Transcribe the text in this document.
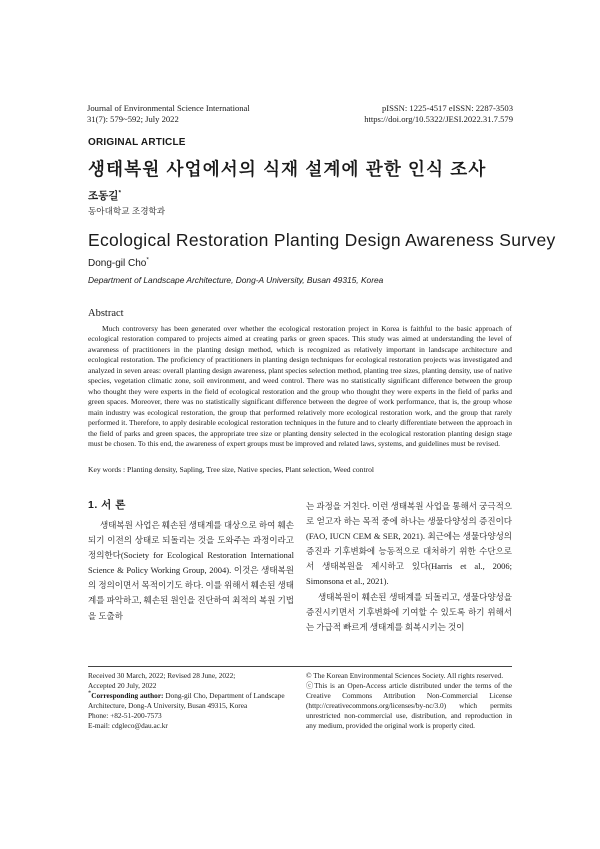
Journal of Environmental Science International
31(7): 579~592; July 2022
pISSN: 1225-4517 eISSN: 2287-3503
https://doi.org/10.5322/JESI.2022.31.7.579
ORIGINAL ARTICLE
생태복원 사업에서의 식재 설계에 관한 인식 조사
조동길*
동아대학교 조경학과
Ecological Restoration Planting Design Awareness Survey
Dong-gil Cho*
Department of Landscape Architecture, Dong-A University, Busan 49315, Korea
Abstract
Much controversy has been generated over whether the ecological restoration project in Korea is faithful to the basic approach of ecological restoration compared to projects aimed at creating parks or green spaces. This study was aimed at understanding the level of awareness of practitioners in the planting design method, which is recognized as relatively important in landscape architecture and ecological restoration. The proficiency of practitioners in planting design techniques for ecological restoration projects was investigated and analyzed in seven areas: overall planting design awareness, plant species selection method, planting tree sizes, planting density, use of native species, vegetation climatic zone, soil environment, and weed control. There was no statistically significant difference between the group who thought they were experts in the field of ecological restoration and the group who thought they were experts in the field of parks and green spaces. Moreover, there was no statistically significant difference between the degree of work performance, that is, the group whose main industry was ecological restoration, the group that performed relatively more ecological restoration work, and the group that rarely performed it. Therefore, to apply desirable ecological restoration techniques in the future and to clearly differentiate between the approach in the field of parks and green spaces, the appropriate tree size or planting density selected in the ecological restoration planting design stage must be chosen. To this end, the awareness of expert groups must be improved and related laws, systems, and guidelines must be revised.
Key words : Planting density, Sapling, Tree size, Native species, Plant selection, Weed control
1. 서 론

생태복원 사업은 훼손된 생태계를 대상으로 하여 훼손되기 이전의 상태로 되돌리는 것을 도와주는 과정이라고 정의한다(Society for Ecological Restoration International Science & Policy Working Group, 2004). 이것은 생태복원의 정의이면서 목적이기도 하다. 이를 위해서 훼손된 생태계를 파악하고, 훼손된 원인을 진단하여 최적의 복원 기법을 도출하

는 과정을 거친다. 이런 생태복원 사업을 통해서 궁극적으로 얻고자 하는 목적 중에 하나는 생물다양성의 증진이다(FAO, IUCN CEM & SER, 2021). 최근에는 생물다양성의 증진과 기후변화에 능동적으로 대처하기 위한 수단으로서 생태복원을 제시하고 있다(Harris et al., 2006; Simonsona et al., 2021).

생태복원이 훼손된 생태계를 되돌리고, 생물다양성을 증진시키면서 기후변화에 기여할 수 있도록 하기 위해서는 가급적 빠르게 생태계를 회복시키는 것이

Received 30 March, 2022; Revised 28 June, 2022;
Accepted 20 July, 2022
*Corresponding author: Dong-gil Cho, Department of Landscape Architecture, Dong-A University, Busan 49315, Korea
Phone: +82-51-200-7573
E-mail: cdgleco@dau.ac.kr
© The Korean Environmental Sciences Society. All rights reserved.
ⓒThis is an Open-Access article distributed under the terms of the Creative Commons Attribution Non-Commercial License (http://creativecommons.org/licenses/by-nc/3.0) which permits unrestricted non-commercial use, distribution, and reproduction in any medium, provided the original work is properly cited.
